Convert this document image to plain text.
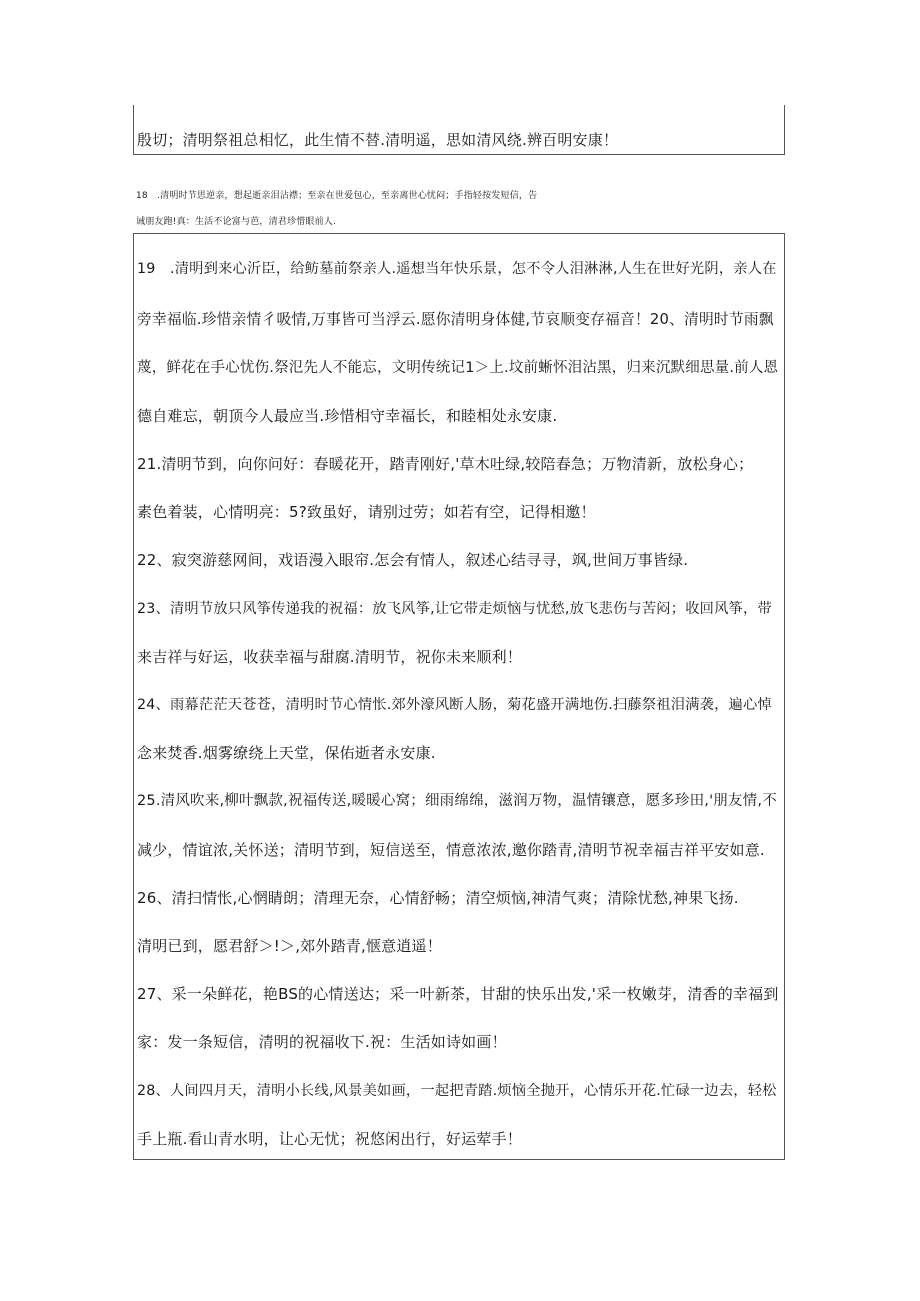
殷切；清明祭祖总相忆，此生情不替.清明遥，思如清风绕.辨百明安康！
18　.清明时节思逆亲，想起逝亲泪沾襟；至亲在世爱包心，至亲离世心忧闷；手指轻按发短信，告
诫朋友跑!真：生活不论富与芭，清君珍惜眼前人.
19　.清明到来心沂臣，给鲂墓前祭亲人.遥想当年快乐景，怎不令人泪淋淋,人生在世好光阴，亲人在
旁幸福临.珍惜亲情彳吸情,万事皆可当浮云.愿你清明身体健,节哀顺变存福音！20、清明时节雨飘
蔑，鲜花在手心忧伤.祭氾先人不能忘，文明传统记1＞上.坟前蜥怀泪沾黑，归来沉默细思量.前人恩
德自难忘，朝顶今人最应当.珍惜相守幸福长，和睦相处永安康.
21.清明节到，向你问好：春暖花开，踏青刚好,'草木吐绿,较陪春急；万物清新，放松身心；
素色着装，心情明亮：5?致虽好，请别过劳；如若有空，记得相邀！
22、寂突游慈网间，戏语漫入眼帘.怎会有情人，叙述心结寻寻，飒,世间万事皆绿.
23、清明节放只风筝传递我的祝福：放飞风筝,让它带走烦恼与忧愁,放飞悲伤与苦闷；收回风筝，带
来吉祥与好运，收获幸福与甜腐.清明节，祝你未来顺利！
24、雨幕茫茫天苍苍，清明时节心情怅.郊外濠风断人肠，菊花盛开满地伤.扫藤祭祖泪满袭，遍心悼
念来焚香.烟雾缭绕上天堂，保佑逝者永安康.
25.清风吹来,柳叶飘款,祝福传送,暖暖心窝；细雨绵绵，滋润万物，温情镶意，愿多珍田,'朋友情,不
减少，情谊浓,关怀送；清明节到，短信送至，情意浓浓,邀你踏青,清明节祝幸福吉祥平安如意.
26、清扫情怅,心惘睛朗；清理无奈，心情舒畅；清空烦恼,神清气爽；清除忧愁,神果飞扬.
清明已到，愿君舒＞!＞,郊外踏青,惬意逍遥！
27、采一朵鲜花，艳BS的心情送达；采一叶新茶，甘甜的快乐出发,'采一枚嫩芽，清香的幸福到
家：发一条短信，清明的祝福收下.祝：生活如诗如画！
28、人间四月天，清明小长线,风景美如画，一起把青踏.烦恼全抛开，心情乐开花.忙碌一边去，轻松
手上瓶.看山青水明，让心无忧；祝悠闲出行，好运荤手！
